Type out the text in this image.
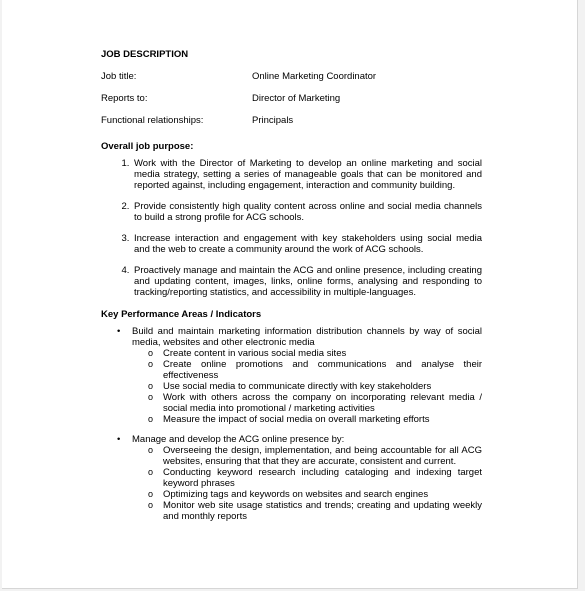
JOB DESCRIPTION
Job title:	Online Marketing Coordinator
Reports to:	Director of Marketing
Functional relationships:	Principals
Overall job purpose:
1. Work with the Director of Marketing to develop an online marketing and social media strategy, setting a series of manageable goals that can be monitored and reported against, including engagement, interaction and community building.
2. Provide consistently high quality content across online and social media channels to build a strong profile for ACG schools.
3. Increase interaction and engagement with key stakeholders using social media and the web to create a community around the work of ACG schools.
4. Proactively manage and maintain the ACG and online presence, including creating and updating content, images, links, online forms, analysing and responding to tracking/reporting statistics, and accessibility in multiple-languages.
Key Performance Areas / Indicators
• Build and maintain marketing information distribution channels by way of social media, websites and other electronic media
o Create content in various social media sites
o Create online promotions and communications and analyse their effectiveness
o Use social media to communicate directly with key stakeholders
o Work with others across the company on incorporating relevant media / social media into promotional / marketing activities
o Measure the impact of social media on overall marketing efforts
• Manage and develop the ACG online presence by:
o Overseeing the design, implementation, and being accountable for all ACG websites, ensuring that that they are accurate, consistent and current.
o Conducting keyword research including cataloging and indexing target keyword phrases
o Optimizing tags and keywords on websites and search engines
o Monitor web site usage statistics and trends; creating and updating weekly and monthly reports
